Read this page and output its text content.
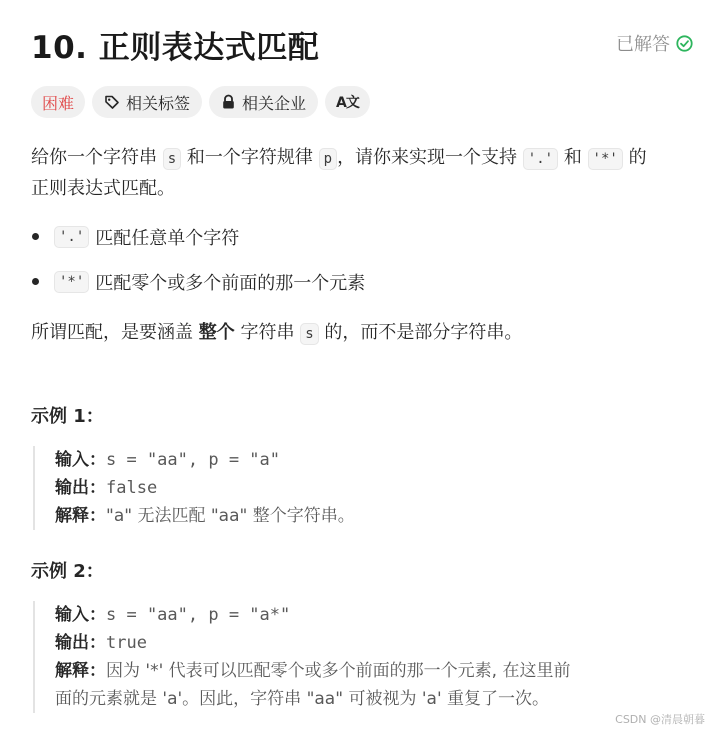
10. 正则表达式匹配	已解答
困难	相关标签	相关企业 A文
给你一个字符串 s 和一个字符规律 p ，请你来实现一个支持 '.' 和 '*' 的
正则表达式匹配。
'.' 匹配任意单个字符
'*' 匹配零个或多个前面的那一个元素
所谓匹配，是要涵盖 整个 字符串 s 的，而不是部分字符串。
示例 1：
输入：s = "aa", p = "a"
输出：false
解释："a" 无法匹配 "aa" 整个字符串。
示例 2：
输入：s = "aa", p = "a*"
输出：true
解释：因为 '*' 代表可以匹配零个或多个前面的那一个元素, 在这里前
面的元素就是 'a'。因此，字符串 "aa" 可被视为 'a' 重复了一次。
CSDN @清晨朝暮
